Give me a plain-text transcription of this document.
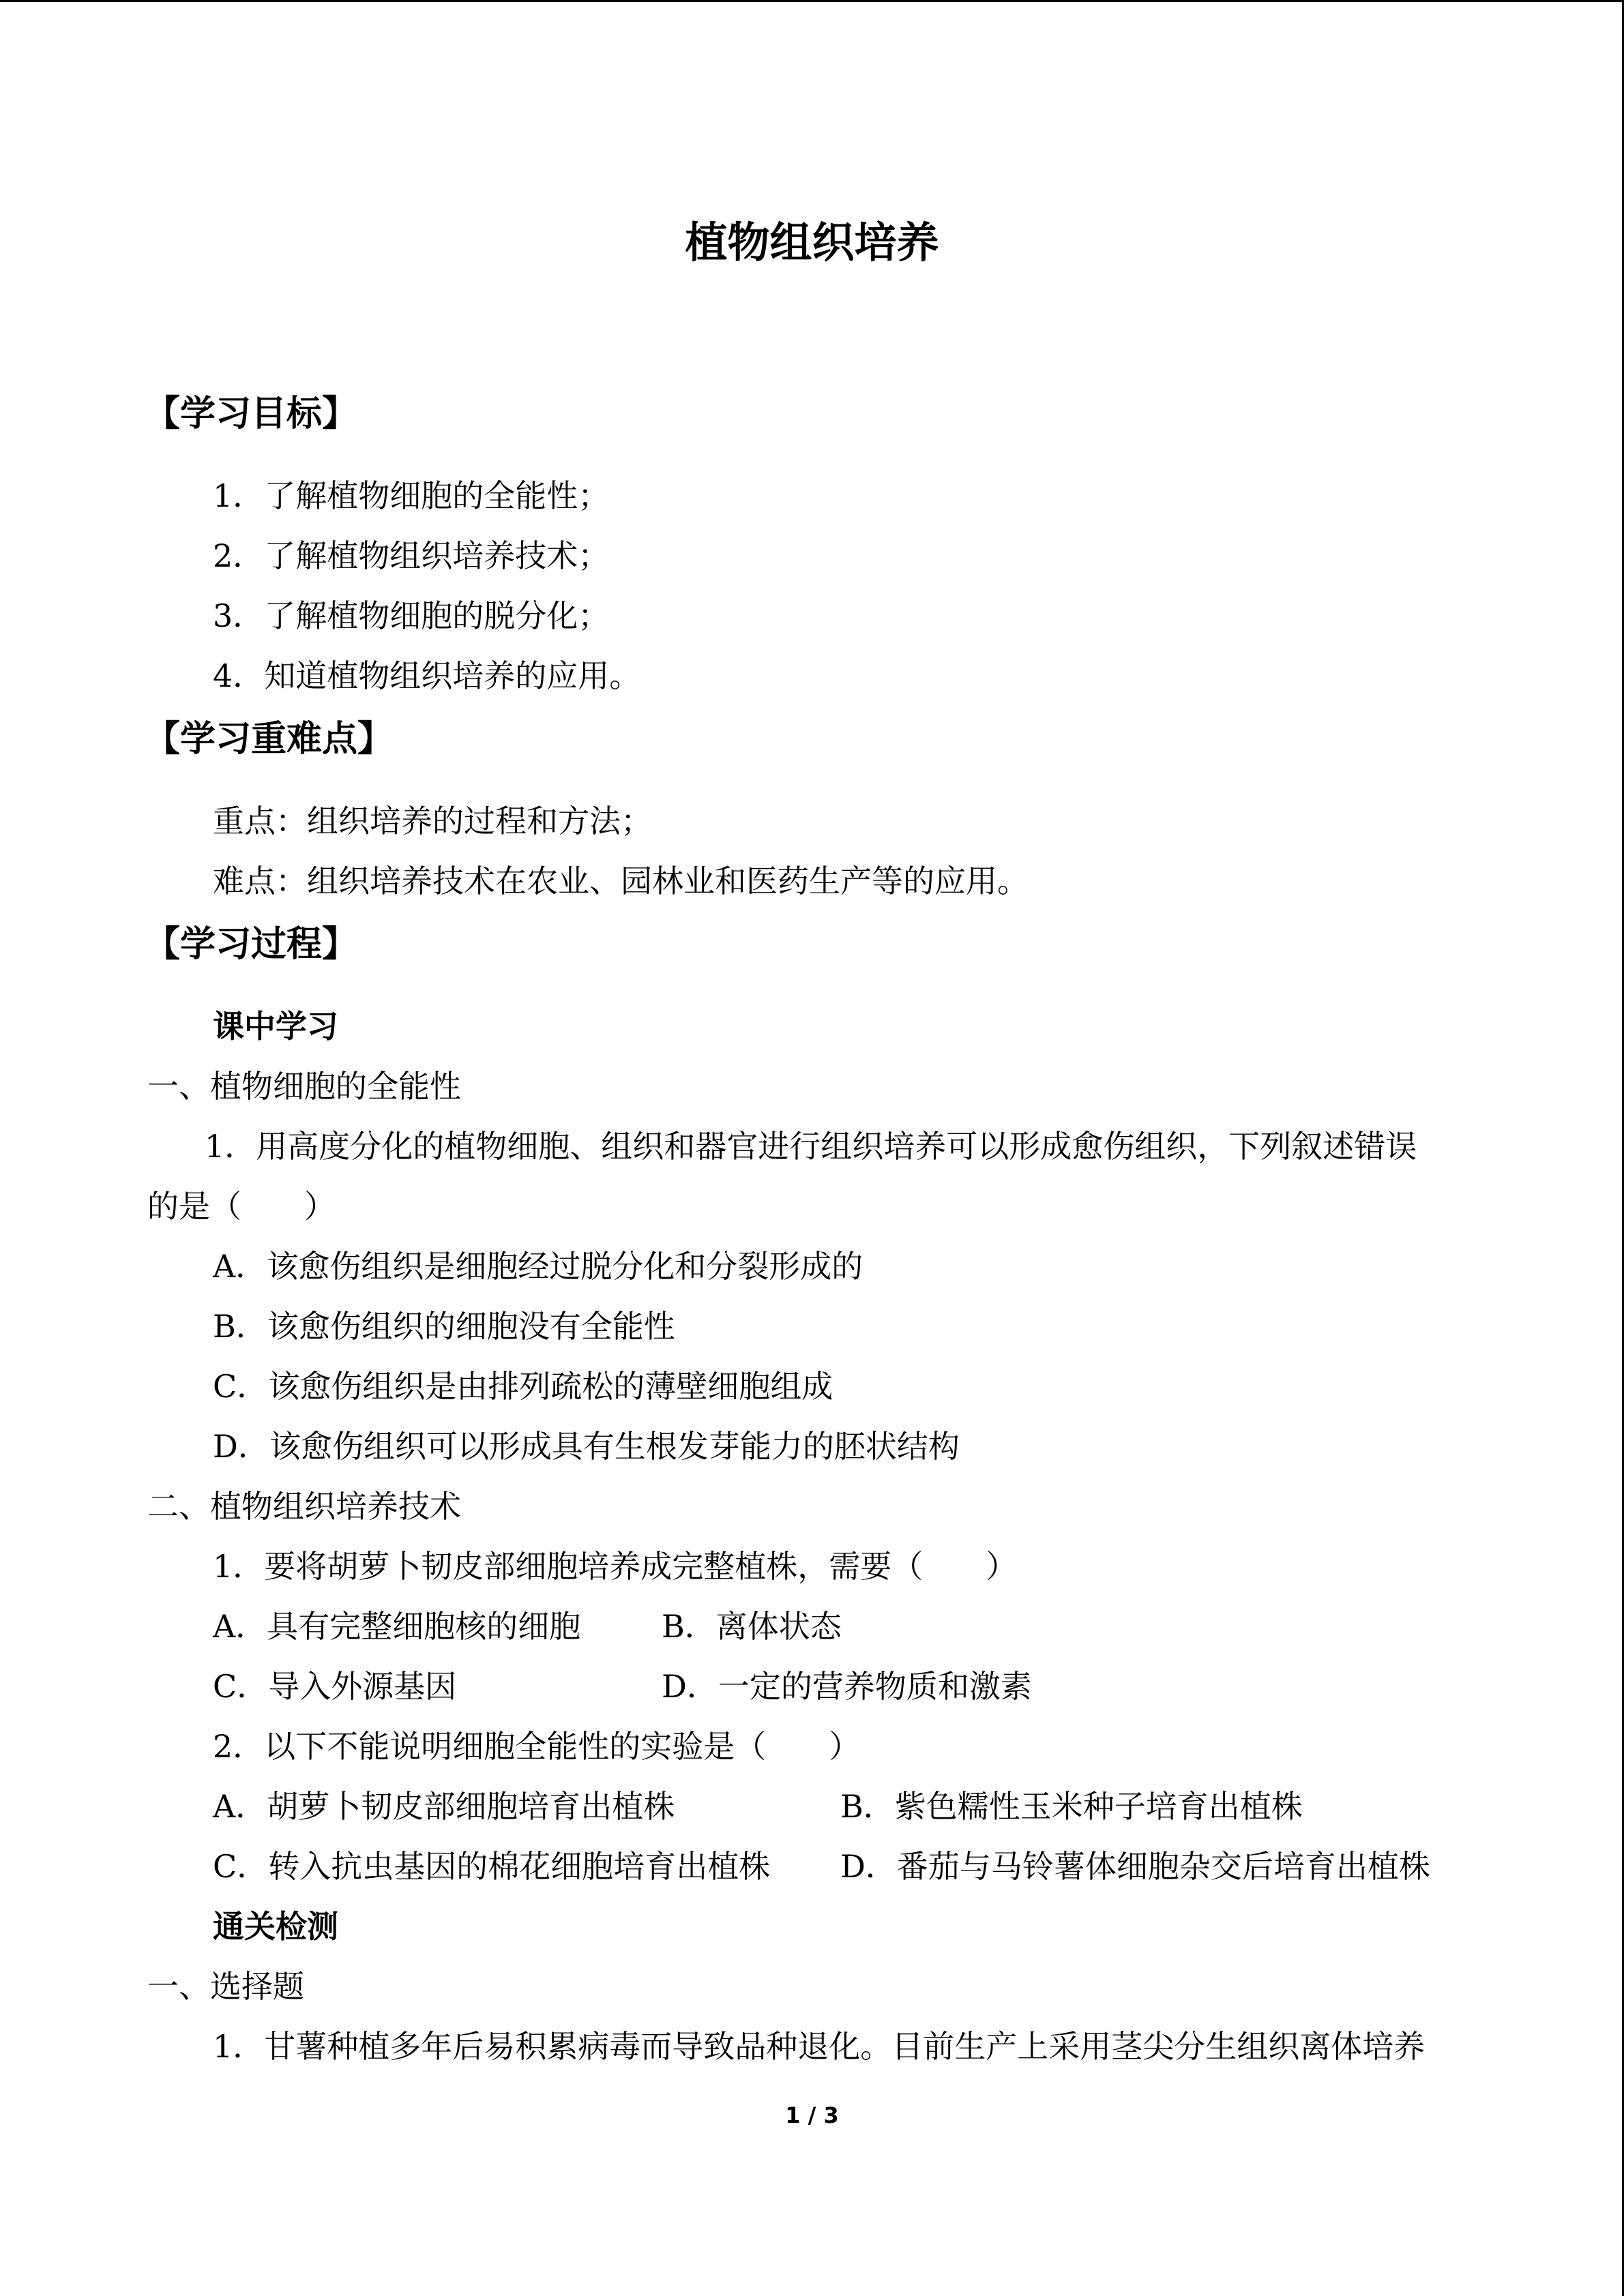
植物组织培养
【学习目标】
1．了解植物细胞的全能性；
2．了解植物组织培养技术；
3．了解植物细胞的脱分化；
4．知道植物组织培养的应用。
【学习重难点】
重点：组织培养的过程和方法；
难点：组织培养技术在农业、园林业和医药生产等的应用。
【学习过程】
课中学习
一、植物细胞的全能性
1．用高度分化的植物细胞、组织和器官进行组织培养可以形成愈伤组织，下列叙述错误
的是（　　）
A．该愈伤组织是细胞经过脱分化和分裂形成的
B．该愈伤组织的细胞没有全能性
C．该愈伤组织是由排列疏松的薄壁细胞组成
D．该愈伤组织可以形成具有生根发芽能力的胚状结构
二、植物组织培养技术
1．要将胡萝卜韧皮部细胞培养成完整植株，需要（　　）
A．具有完整细胞核的细胞	B．离体状态
C．导入外源基因	D．一定的营养物质和激素
2．以下不能说明细胞全能性的实验是（　　）
A．胡萝卜韧皮部细胞培育出植株	B．紫色糯性玉米种子培育出植株
C．转入抗虫基因的棉花细胞培育出植株 D．番茄与马铃薯体细胞杂交后培育出植株
通关检测
一、选择题
1．甘薯种植多年后易积累病毒而导致品种退化。目前生产上采用茎尖分生组织离体培养
1 / 3
